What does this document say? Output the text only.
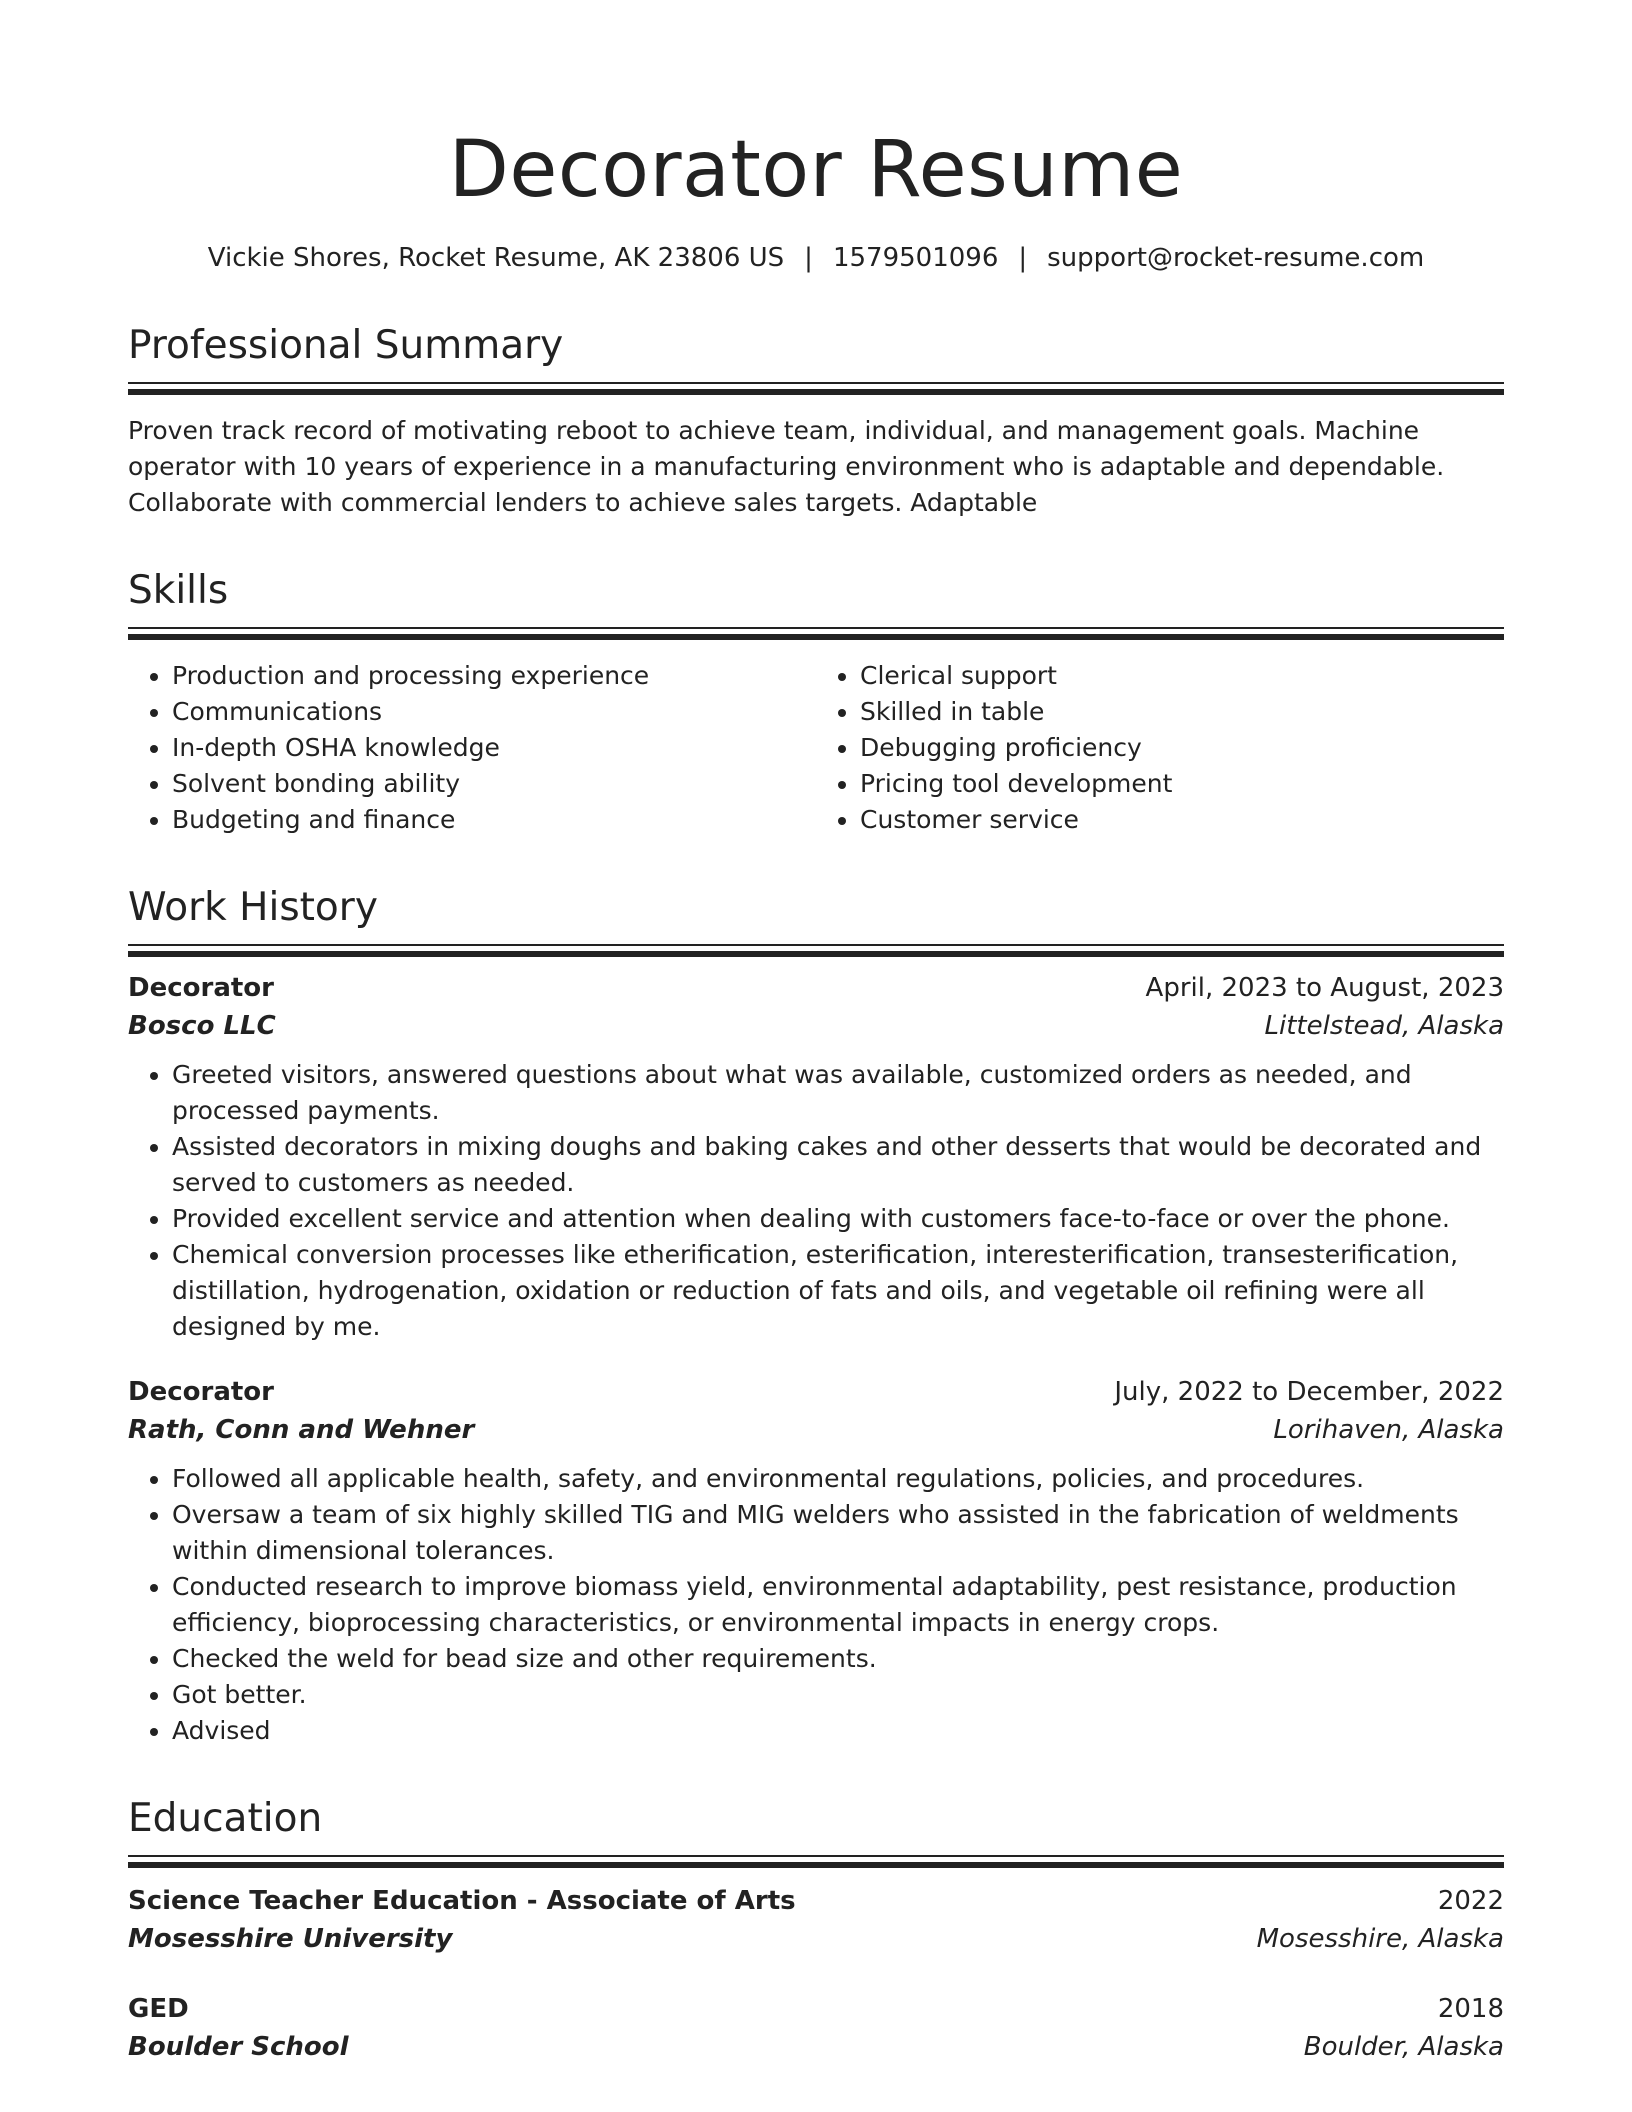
Decorator Resume
Vickie Shores, Rocket Resume, AK 23806 US | 1579501096 | support@rocket-resume.com
Professional Summary

Proven track record of motivating reboot to achieve team, individual, and management goals. Machine operator with 10 years of experience in a manufacturing environment who is adaptable and dependable. Collaborate with commercial lenders to achieve sales targets. Adaptable

Skills
• Production and processing experience
• Communications
• In-depth OSHA knowledge
• Solvent bonding ability
• Budgeting and finance
• Clerical support
• Skilled in table
• Debugging proficiency
• Pricing tool development
• Customer service
Work History
Decorator	April, 2023 to August, 2023
Bosco LLC	Littelstead, Alaska
• Greeted visitors, answered questions about what was available, customized orders as needed, and processed payments.
• Assisted decorators in mixing doughs and baking cakes and other desserts that would be decorated and served to customers as needed.
• Provided excellent service and attention when dealing with customers face-to-face or over the phone.
• Chemical conversion processes like etherification, esterification, interesterification, transesterification, distillation, hydrogenation, oxidation or reduction of fats and oils, and vegetable oil refining were all designed by me.
Decorator	July, 2022 to December, 2022
Rath, Conn and Wehner	Lorihaven, Alaska
• Followed all applicable health, safety, and environmental regulations, policies, and procedures.
• Oversaw a team of six highly skilled TIG and MIG welders who assisted in the fabrication of weldments within dimensional tolerances.
• Conducted research to improve biomass yield, environmental adaptability, pest resistance, production efficiency, bioprocessing characteristics, or environmental impacts in energy crops.
• Checked the weld for bead size and other requirements.
• Got better.
• Advised
Education
Science Teacher Education - Associate of Arts	2022
Mosesshire University	Mosesshire, Alaska
GED	2018
Boulder School	Boulder, Alaska
